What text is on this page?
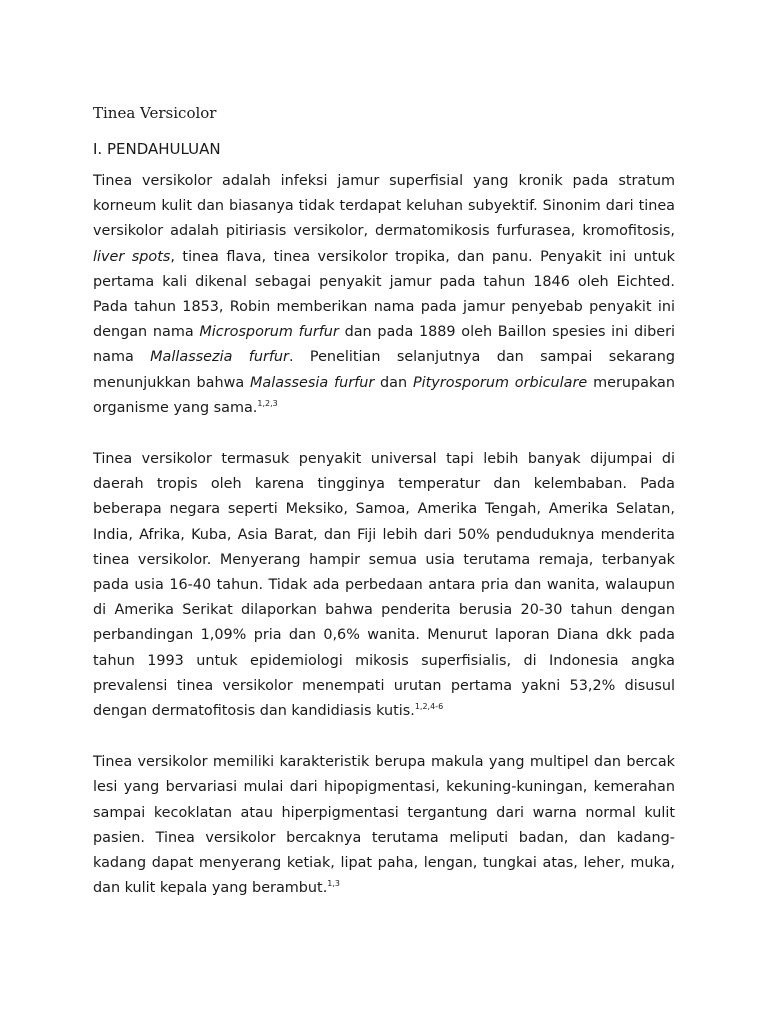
Tinea Versicolor
I. PENDAHULUAN

Tinea versikolor adalah infeksi jamur superfisial yang kronik pada stratum korneum kulit dan biasanya tidak terdapat keluhan subyektif. Sinonim dari tinea versikolor adalah pitiriasis versikolor, dermatomikosis furfurasea, kromofitosis, liver spots, tinea flava, tinea versikolor tropika, dan panu. Penyakit ini untuk pertama kali dikenal sebagai penyakit jamur pada tahun 1846 oleh Eichted. Pada tahun 1853, Robin memberikan nama pada jamur penyebab penyakit ini dengan nama Microsporum furfur dan pada 1889 oleh Baillon spesies ini diberi nama Mallassezia furfur. Penelitian selanjutnya dan sampai sekarang menunjukkan bahwa Malassesia furfur dan Pityrosporum orbiculare merupakan organisme yang sama.$^{1,2,3}$

Tinea versikolor termasuk penyakit universal tapi lebih banyak dijumpai di daerah tropis oleh karena tingginya temperatur dan kelembaban. Pada beberapa negara seperti Meksiko, Samoa, Amerika Tengah, Amerika Selatan, India, Afrika, Kuba, Asia Barat, dan Fiji lebih dari 50% penduduknya menderita tinea versikolor. Menyerang hampir semua usia terutama remaja, terbanyak pada usia 16-40 tahun. Tidak ada perbedaan antara pria dan wanita, walaupun di Amerika Serikat dilaporkan bahwa penderita berusia 20-30 tahun dengan perbandingan 1,09% pria dan 0,6% wanita. Menurut laporan Diana dkk pada tahun 1993 untuk epidemiologi mikosis superfisialis, di Indonesia angka prevalensi tinea versikolor menempati urutan pertama yakni 53,2% disusul dengan dermatofitosis dan kandidiasis kutis.$^{1,2,4-6}$

Tinea versikolor memiliki karakteristik berupa makula yang multipel dan bercak lesi yang bervariasi mulai dari hipopigmentasi, kekuning-kuningan, kemerahan sampai kecoklatan atau hiperpigmentasi tergantung dari warna normal kulit pasien. Tinea versikolor bercaknya terutama meliputi badan, dan kadang-kadang dapat menyerang ketiak, lipat paha, lengan, tungkai atas, leher, muka, dan kulit kepala yang berambut.$^{1,3}$
